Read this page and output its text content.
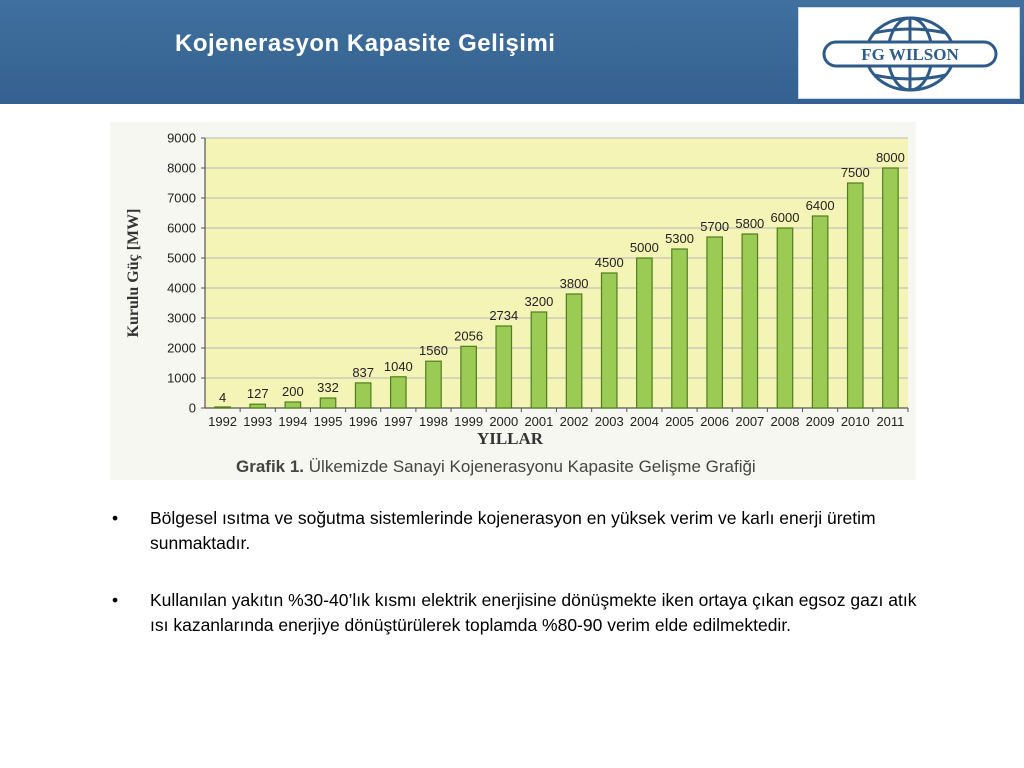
Kojenerasyon Kapasite Gelişimi	FG WILSON
0
1000
2000
3000
4000
5000
6000
7000
8000
9000
4
1992
127
1993
200
1994
332
1995
837
1996
1040
1997
1560
1998
2056
1999
2734
2000
3200
2001
3800
2002
4500
2003
5000
2004
5300
2005
5700
2006
5800
2007
6000
2008
6400
2009
7500
2010
8000
2011
YILLAR
Kurulu Güç [MW]
Grafik 1. Ülkemizde Sanayi Kojenerasyonu Kapasite Gelişme Grafiği
• Bölgesel ısıtma ve soğutma sistemlerinde kojenerasyon en yüksek verim ve karlı enerji üretim sunmaktadır.
• Kullanılan yakıtın %30-40’lık kısmı elektrik enerjisine dönüşmekte iken ortaya çıkan egsoz gazı atık ısı kazanlarında enerjiye dönüştürülerek toplamda %80-90 verim elde edilmektedir.
